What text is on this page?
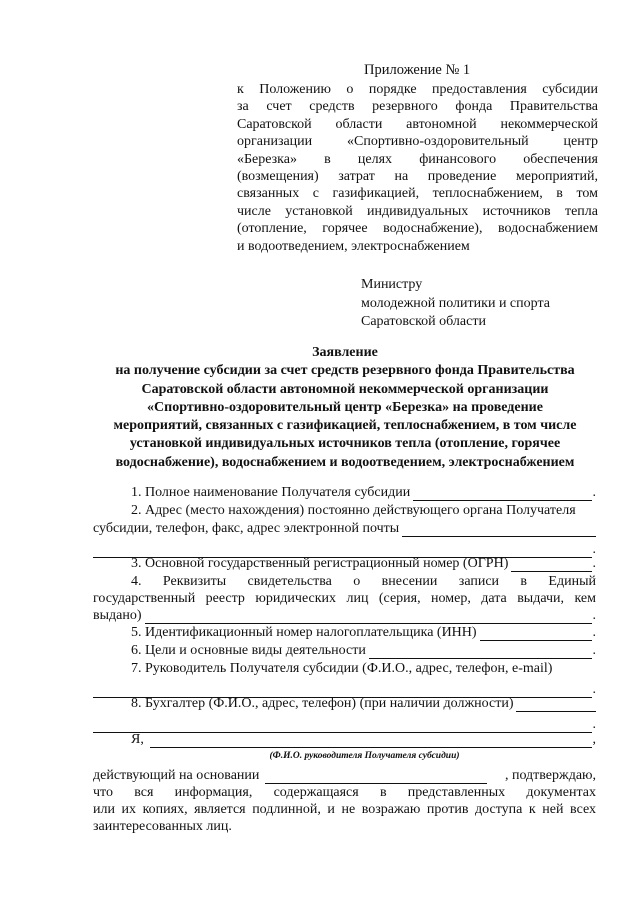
Приложение № 1
к Положению о порядке предоставления субсидии
за счет средств резервного фонда Правительства
Саратовской области автономной некоммерческой
организации «Спортивно-оздоровительный центр
«Березка» в целях финансового обеспечения
(возмещения) затрат на проведение мероприятий,
связанных с газификацией, теплоснабжением, в том
числе установкой индивидуальных источников тепла
(отопление, горячее водоснабжение), водоснабжением
и водоотведением, электроснабжением
Министру
молодежной политики и спорта
Саратовской области
Заявление
на получение субсидии за счет средств резервного фонда Правительства
Саратовской области автономной некоммерческой организации
«Спортивно-оздоровительный центр «Березка» на проведение
мероприятий, связанных с газификацией, теплоснабжением, в том числе
установкой индивидуальных источников тепла (отопление, горячее
водоснабжение), водоснабжением и водоотведением, электроснабжением
1. Полное наименование Получателя субсидии	.
2. Адрес (место нахождения) постоянно действующего органа Получателя
субсидии, телефон, факс, адрес электронной почты
.
3. Основной государственный регистрационный номер (ОГРН)	.
4. Реквизиты свидетельства о внесении записи в Единый
государственный реестр юридических лиц (серия, номер, дата выдачи, кем
выдано)	.
5. Идентификационный номер налогоплательщика (ИНН)	.
6. Цели и основные виды деятельности	.
7. Руководитель Получателя субсидии (Ф.И.О., адрес, телефон, e-mail)
.
8. Бухгалтер (Ф.И.О., адрес, телефон) (при наличии должности)
.
Я,	,
(Ф.И.О. руководителя Получателя субсидии)
действующий на основании	, подтверждаю,
что вся информация, содержащаяся в представленных документах
или их копиях, является подлинной, и не возражаю против доступа к ней всех
заинтересованных лиц.
